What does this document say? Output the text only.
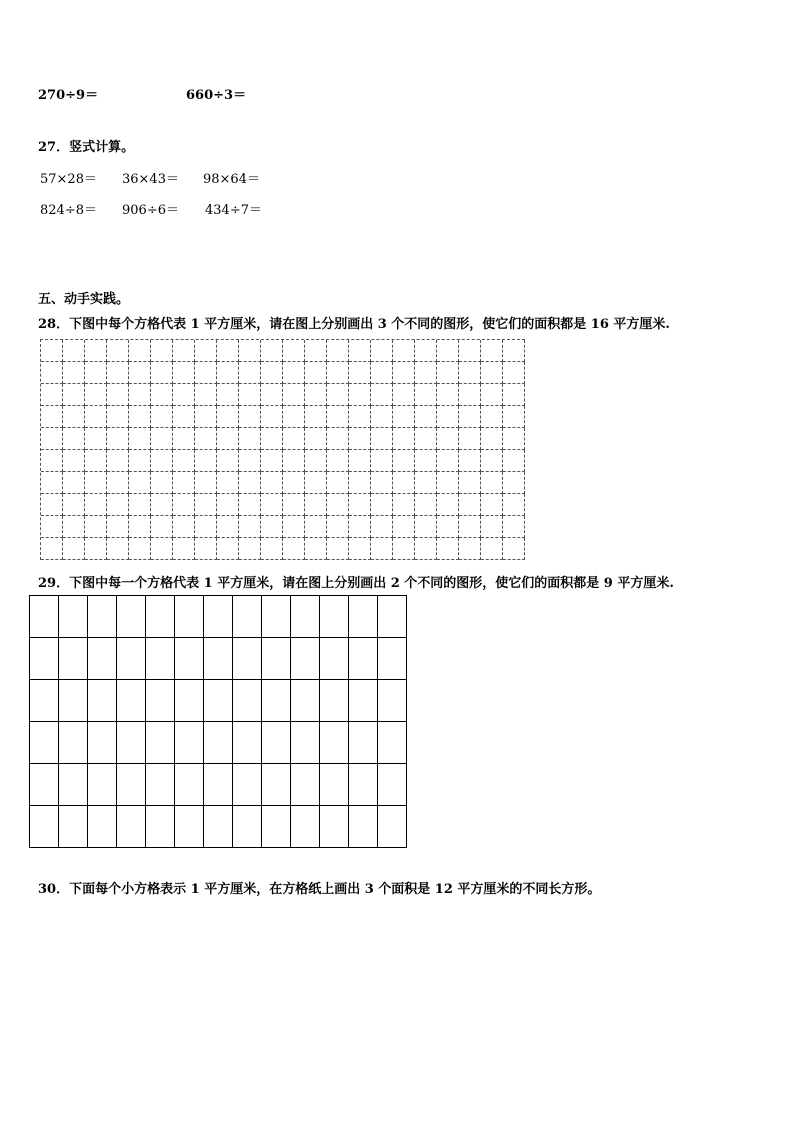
270÷9＝	660÷3＝
27．竖式计算。
57×28＝ 36×43＝ 98×64＝
824÷8＝ 906÷6＝ 434÷7＝
五、动手实践。
28．下图中每个方格代表 1 平方厘米，请在图上分别画出 3 个不同的图形，使它们的面积都是 16 平方厘米.
29．下图中每一个方格代表 1 平方厘米，请在图上分别画出 2 个不同的图形，使它们的面积都是 9 平方厘米.
30．下面每个小方格表示 1 平方厘米，在方格纸上画出 3 个面积是 12 平方厘米的不同长方形。
